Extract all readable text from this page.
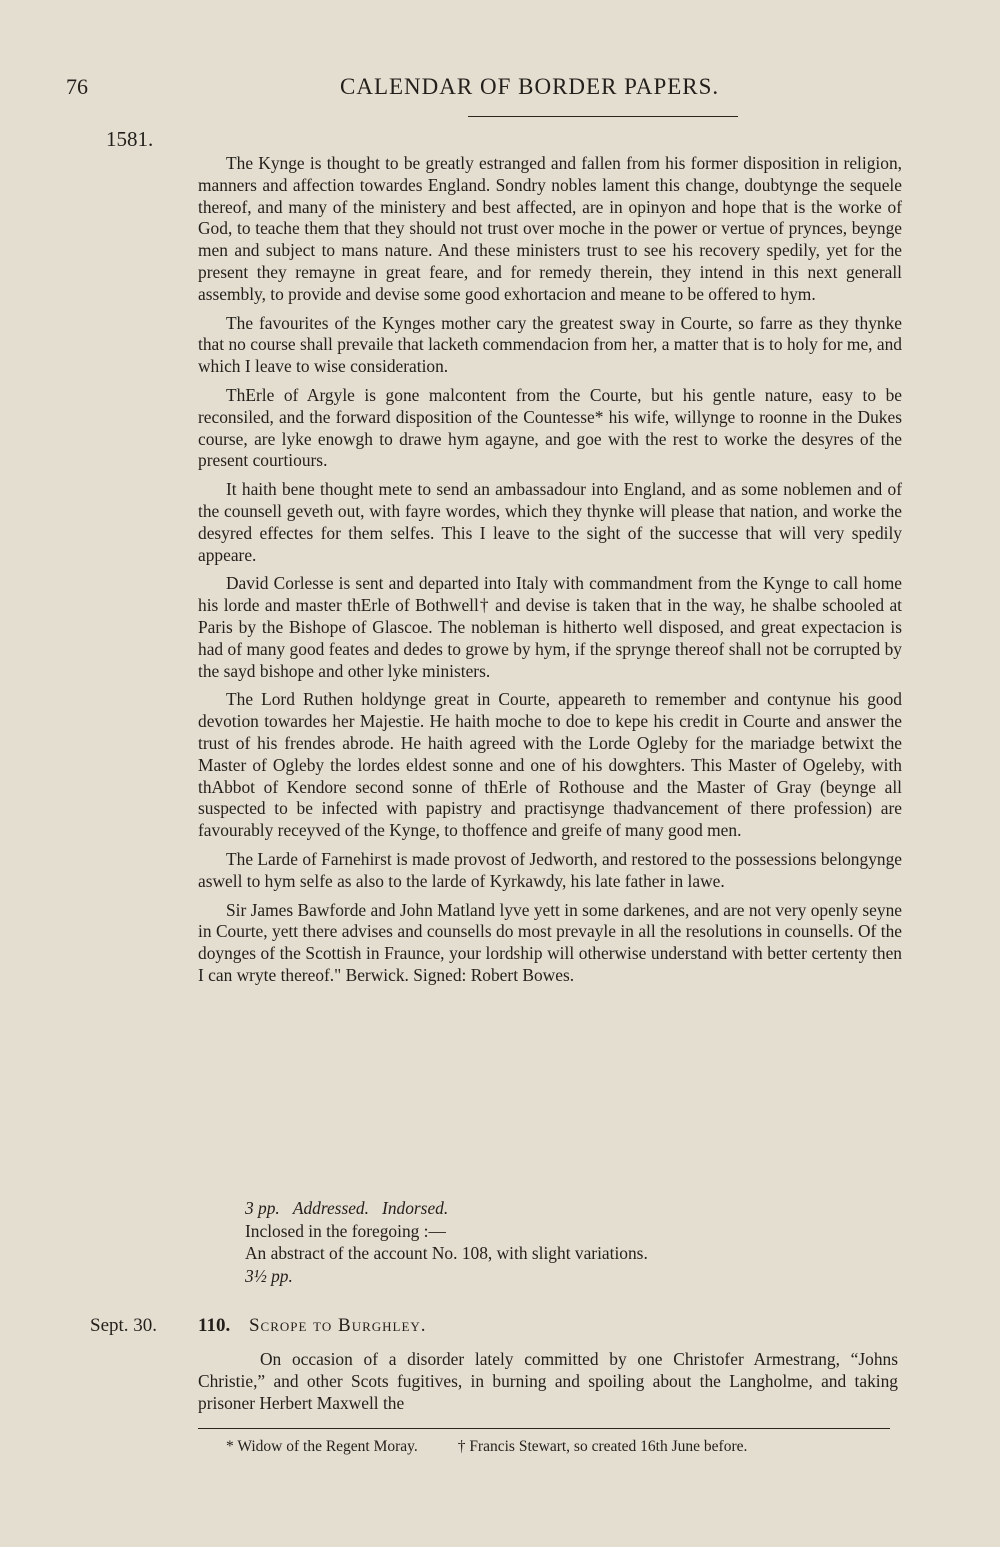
76	CALENDAR OF BORDER PAPERS.
1581.

The Kynge is thought to be greatly estranged and fallen from his former disposition in religion, manners and affection towardes England. Sondry nobles lament this change, doubtynge the sequele thereof, and many of the ministery and best affected, are in opinyon and hope that is the worke of God, to teache them that they should not trust over moche in the power or vertue of prynces, beynge men and subject to mans nature. And these ministers trust to see his recovery spedily, yet for the present they remayne in great feare, and for remedy therein, they intend in this next generall assembly, to provide and devise some good exhortacion and meane to be offered to hym.

The favourites of the Kynges mother cary the greatest sway in Courte, so farre as they thynke that no course shall prevaile that lacketh commendacion from her, a matter that is to holy for me, and which I leave to wise consideration.

ThErle of Argyle is gone malcontent from the Courte, but his gentle nature, easy to be reconsiled, and the forward disposition of the Countesse* his wife, willynge to roonne in the Dukes course, are lyke enowgh to drawe hym agayne, and goe with the rest to worke the desyres of the present courtiours.

It haith bene thought mete to send an ambassadour into England, and as some noblemen and of the counsell geveth out, with fayre wordes, which they thynke will please that nation, and worke the desyred effectes for them selfes. This I leave to the sight of the successe that will very spedily appeare.

David Corlesse is sent and departed into Italy with commandment from the Kynge to call home his lorde and master thErle of Bothwell† and devise is taken that in the way, he shalbe schooled at Paris by the Bishope of Glascoe. The nobleman is hitherto well disposed, and great expectacion is had of many good feates and dedes to growe by hym, if the sprynge thereof shall not be corrupted by the sayd bishope and other lyke ministers.

The Lord Ruthen holdynge great in Courte, appeareth to remember and contynue his good devotion towardes her Majestie. He haith moche to doe to kepe his credit in Courte and answer the trust of his frendes abrode. He haith agreed with the Lorde Ogleby for the mariadge betwixt the Master of Ogleby the lordes eldest sonne and one of his dowghters. This Master of Ogeleby, with thAbbot of Kendore second sonne of thErle of Rothouse and the Master of Gray (beynge all suspected to be infected with papistry and practisynge thadvancement of there profession) are favourably receyved of the Kynge, to thoffence and greife of many good men.

The Larde of Farnehirst is made provost of Jedworth, and restored to the possessions belongynge aswell to hym selfe as also to the larde of Kyrkawdy, his late father in lawe.

Sir James Bawforde and John Matland lyve yett in some darkenes, and are not very openly seyne in Courte, yett there advises and counsells do most prevayle in all the resolutions in counsells. Of the doynges of the Scottish in Fraunce, your lordship will otherwise understand with better certenty then I can wryte thereof." Berwick. Signed: Robert Bowes.

3 pp. Addressed. Indorsed.
Inclosed in the foregoing :—
An abstract of the account No. 108, with slight variations.
3½ pp.
Sept. 30. 110. Scrope to Burghley.

On occasion of a disorder lately committed by one Christofer Armestrang, “Johns Christie,” and other Scots fugitives, in burning and spoiling about the Langholme, and taking prisoner Herbert Maxwell the

* Widow of the Regent Moray.	† Francis Stewart, so created 16th June before.
